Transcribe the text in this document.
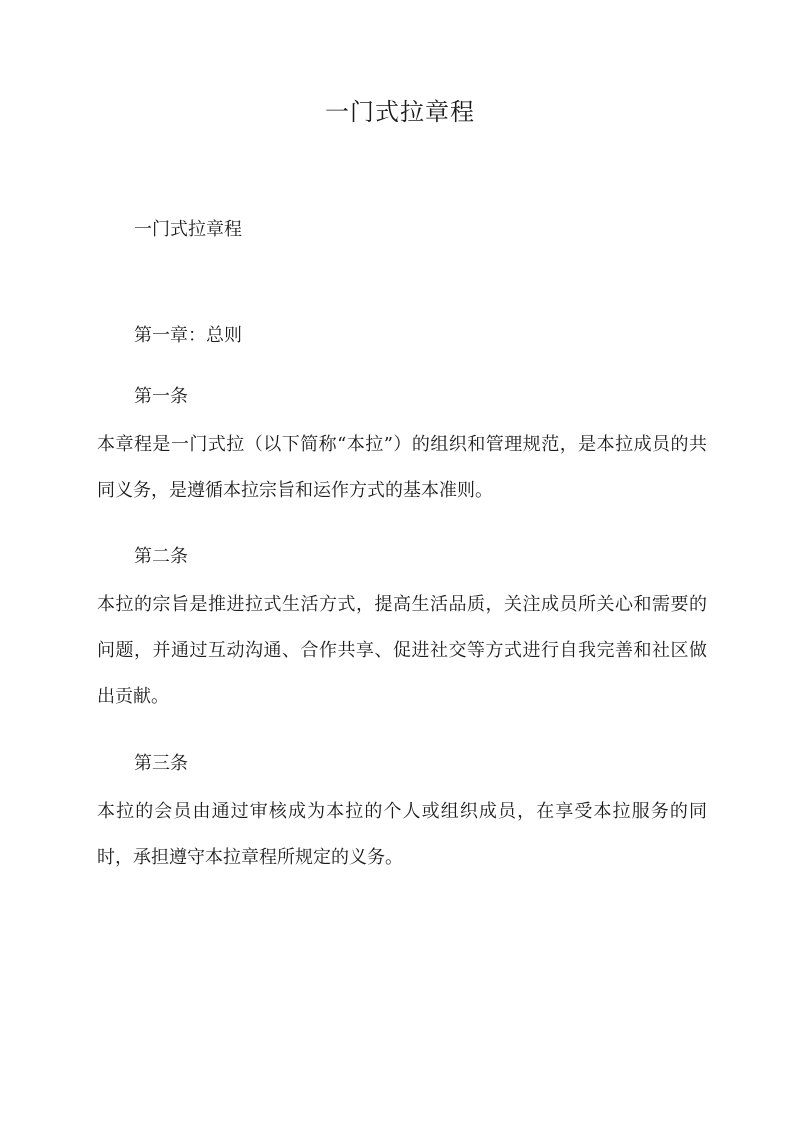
一门式拉章程

一门式拉章程

第一章：总则

第一条

本章程是一门式拉（以下简称“本拉”）的组织和管理规范，是本拉成员的共同义务，是遵循本拉宗旨和运作方式的基本准则。

第二条

本拉的宗旨是推进拉式生活方式，提高生活品质，关注成员所关心和需要的问题，并通过互动沟通、合作共享、促进社交等方式进行自我完善和社区做出贡献。

第三条

本拉的会员由通过审核成为本拉的个人或组织成员，在享受本拉服务的同时，承担遵守本拉章程所规定的义务。
